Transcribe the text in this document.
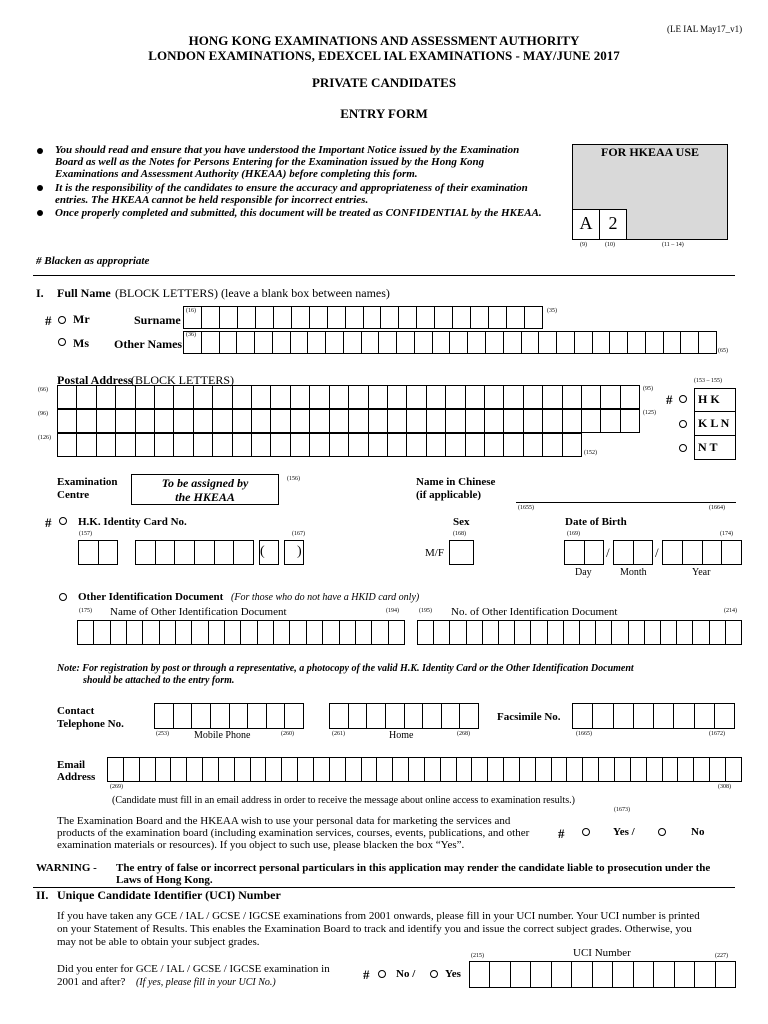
(LE IAL May17_v1)
HONG KONG EXAMINATIONS AND ASSESSMENT AUTHORITY
LONDON EXAMINATIONS, EDEXCEL IAL EXAMINATIONS - MAY/JUNE 2017
PRIVATE CANDIDATES
ENTRY FORM
You should read and ensure that you have understood the Important Notice issued by the Examination
Board as well as the Notes for Persons Entering for the Examination issued by the Hong Kong
Examinations and Assessment Authority (HKEAA) before completing this form.
It is the responsibility of the candidates to ensure the accuracy and appropriateness of their examination
entries. The HKEAA cannot be held responsible for incorrect entries.
Once properly completed and submitted, this document will be treated as CONFIDENTIAL by the HKEAA.
FOR HKEAA USE
A 2
(9)	(10)	(11 – 14)
# Blacken as appropriate
I. Full Name (BLOCK LETTERS) (leave a blank box between names)
# Mr	Surname
(16)	(35)
Ms Other Names
(36)
(65)
Postal Address
(BLOCK LETTERS)	(153 – 155)
(66)	(95)
(96)	(125)
(126)
(152)
# H K
K L N
N T
Examination
Centre
To be assigned by
the HKEAA
(156)	Name in Chinese
(if applicable)
(1655)	(1664)
# H.K. Identity Card No.
(157)	(167)
( )
Sex
(168)
M/F
Date of Birth
(169)	(174)
/	/
Day	Month	Year
Other Identification Document (For those who do not have a HKID card only)
(175) Name of Other Identification Document	(194)	(195) No. of Other Identification Document	(214)
Note: For registration by post or through a representative, a photocopy of the valid H.K. Identity Card or the Other Identification Document
should be attached to the entry form.
Contact
Telephone No.
(253)	Mobile Phone	(260)	(261)	Home	(268)
Facsimile No.
(1665)	(1672)
Email
Address
(269)	(308)
(Candidate must fill in an email address in order to receive the message about online access to examination results.)
(1673)
The Examination Board and the HKEAA wish to use your personal data for marketing the services and
products of the examination board (including examination services, courses, events, publications, and other
examination materials or resources). If you object to such use, please blacken the box “Yes”.
#	Yes /	No
WARNING - The entry of false or incorrect personal particulars in this application may render the candidate liable to prosecution under the
Laws of Hong Kong.
II. Unique Candidate Identifier (UCI) Number
If you have taken any GCE / IAL / GCSE / IGCSE examinations from 2001 onwards, please fill in your UCI number. Your UCI number is printed
on your Statement of Results. This enables the Examination Board to track and identify you and issue the correct subject grades. Otherwise, you
may not be able to obtain your subject grades.
Did you enter for GCE / IAL / GCSE / IGCSE examination in
2001 and after? (If yes, please fill in your UCI No.)
# No /	Yes
(215)	UCI Number	(227)
